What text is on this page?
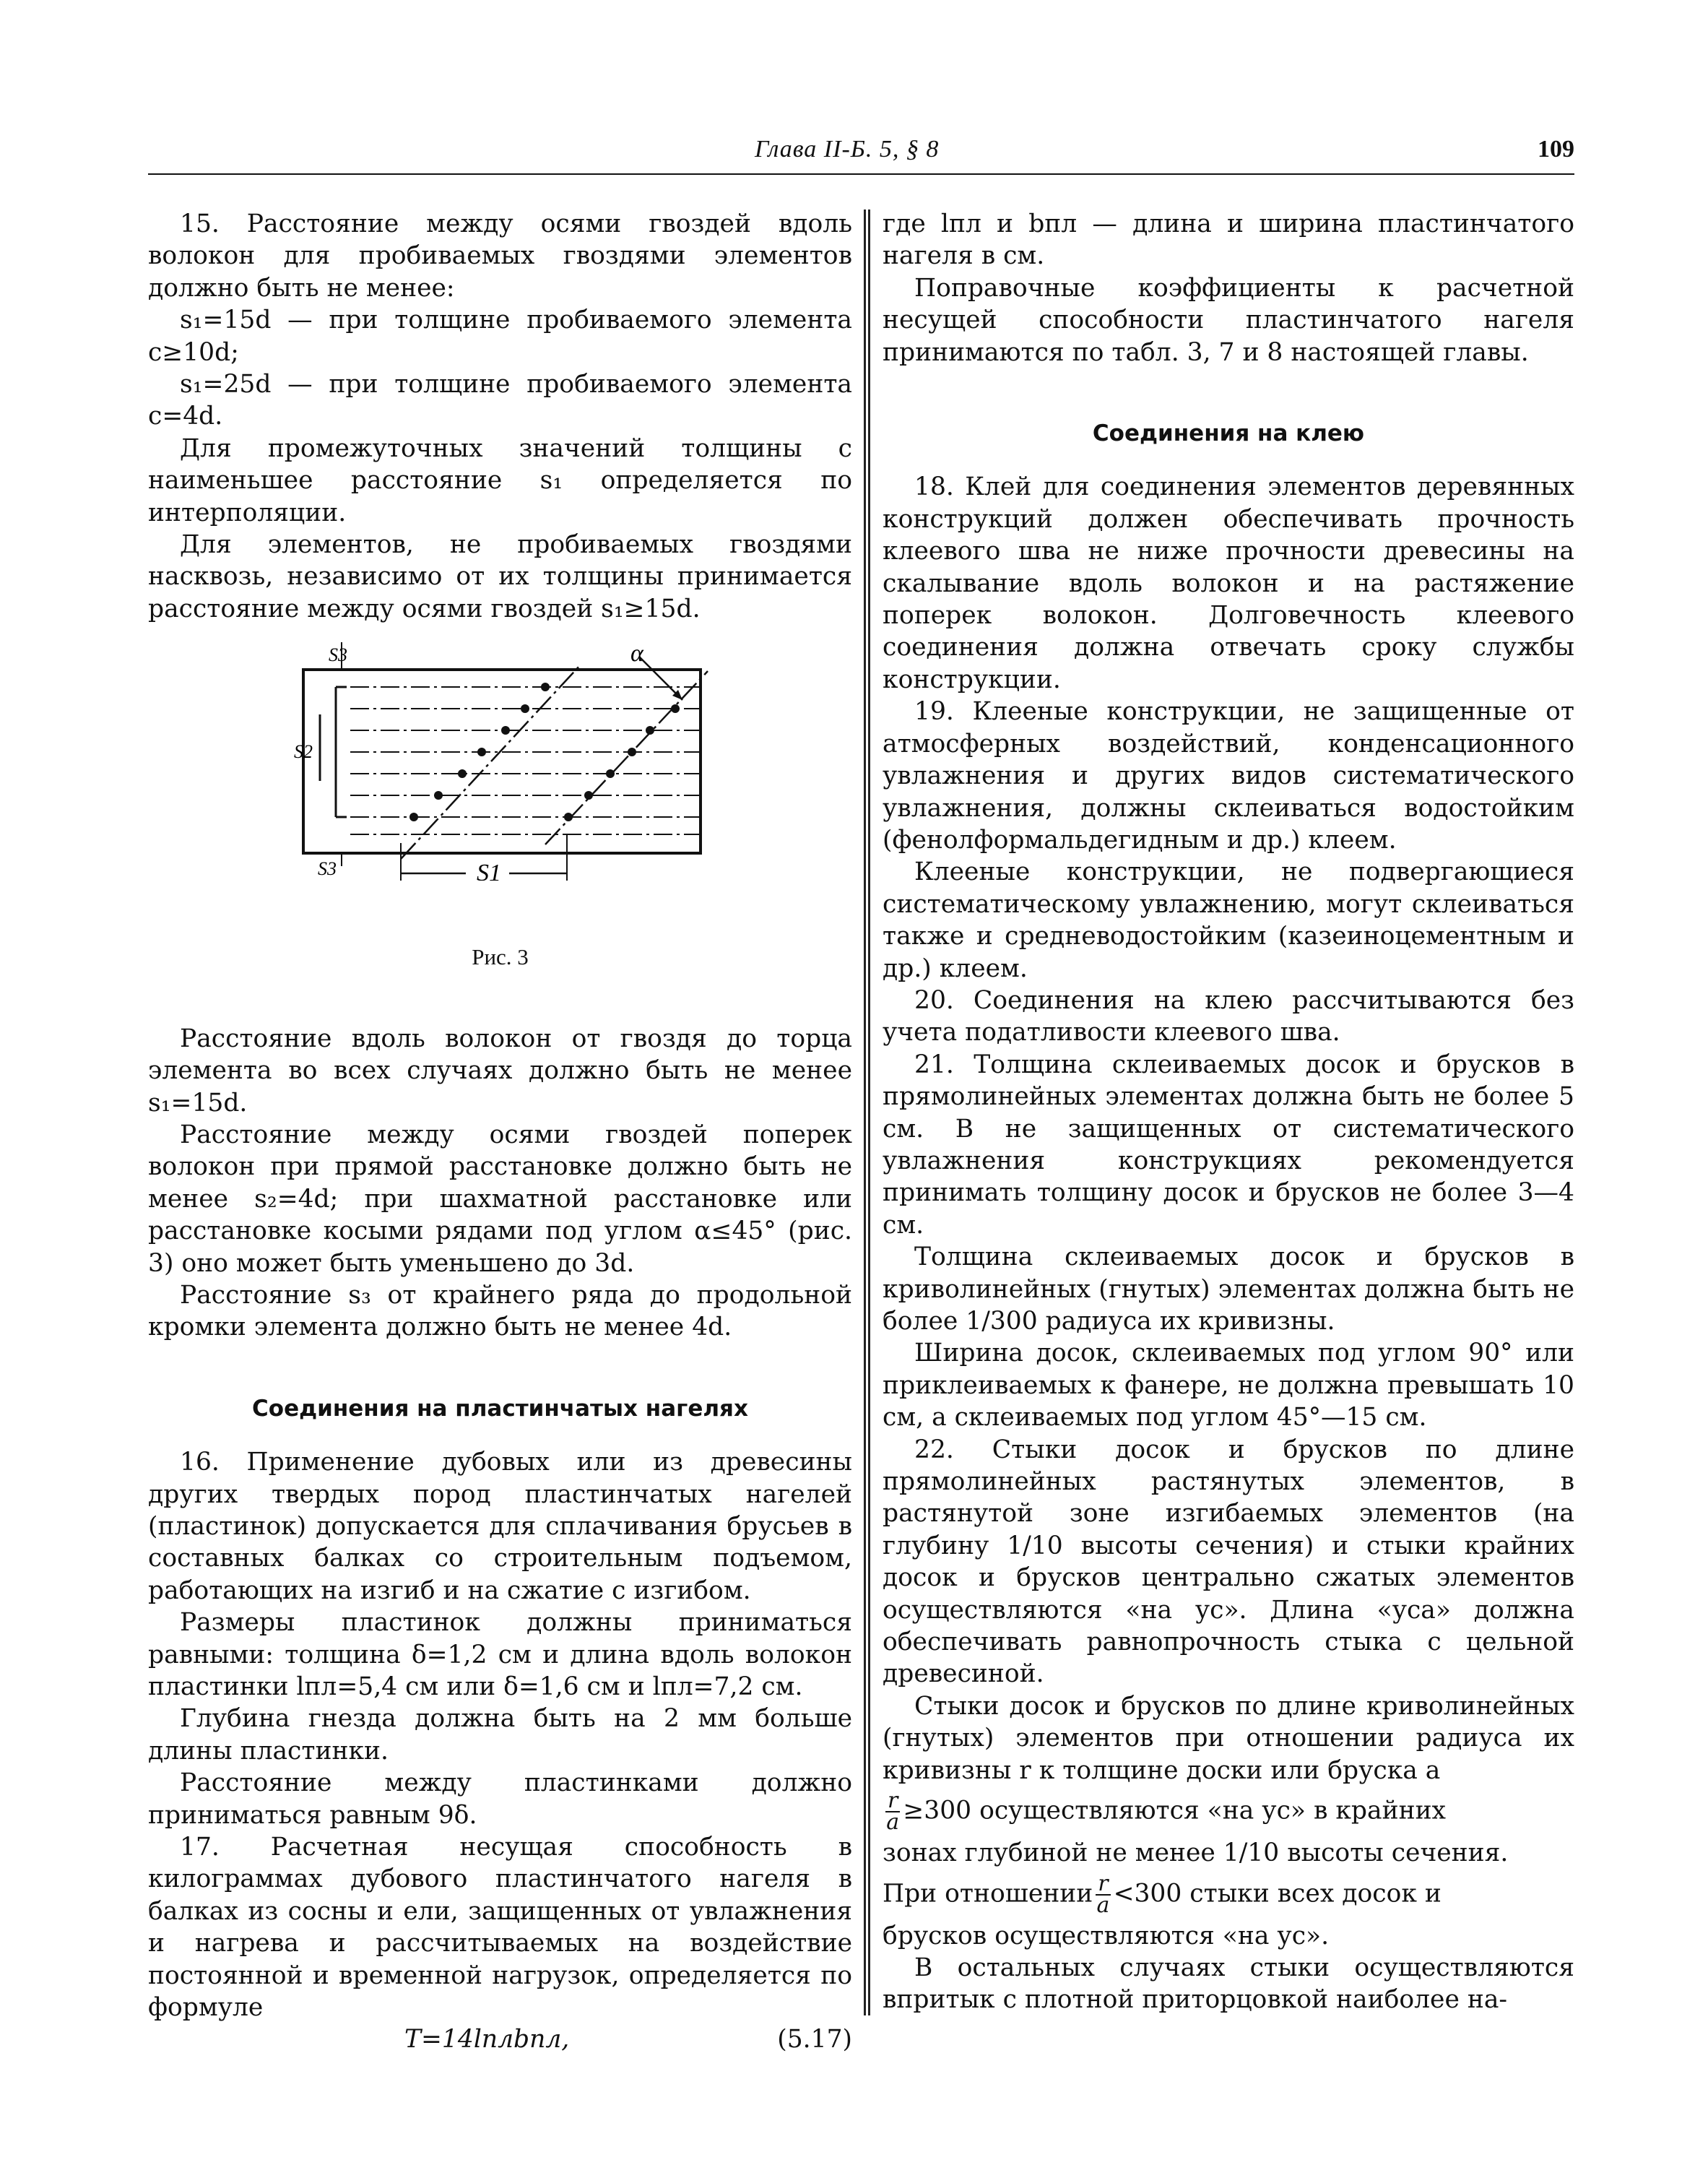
Глава II-Б. 5, § 8	109

15. Расстояние между осями гвоздей вдоль волокон для пробиваемых гвоздями элементов должно быть не менее:

s₁=15d — при толщине пробиваемого элемента c≥10d;

s₁=25d — при толщине пробиваемого элемента c=4d.

Для промежуточных значений толщины c наименьшее расстояние s₁ определяется по интерполяции.

Для элементов, не пробиваемых гвоздями насквозь, независимо от их толщины принимается расстояние между осями гвоздей s₁≥15d.

α
S3
S3
S2
S1
Рис. 3

Расстояние вдоль волокон от гвоздя до торца элемента во всех случаях должно быть не менее s₁=15d.

Расстояние между осями гвоздей поперек волокон при прямой расстановке должно быть не менее s₂=4d; при шахматной расстановке или расстановке косыми рядами под углом α≤45° (рис. 3) оно может быть уменьшено до 3d.

Расстояние s₃ от крайнего ряда до продольной кромки элемента должно быть не менее 4d.

Соединения на пластинчатых нагелях

16. Применение дубовых или из древесины других твердых пород пластинчатых нагелей (пластинок) допускается для сплачивания брусьев в составных балках со строительным подъемом, работающих на изгиб и на сжатие с изгибом.

Размеры пластинок должны приниматься равными: толщина δ=1,2 см и длина вдоль волокон пластинки lпл=5,4 см или δ=1,6 см и lпл=7,2 см.

Глубина гнезда должна быть на 2 мм больше длины пластинки.

Расстояние между пластинками должно приниматься равным 9δ.

17. Расчетная несущая способность в килограммах дубового пластинчатого нагеля в балках из сосны и ели, защищенных от увлажнения и нагрева и рассчитываемых на воздействие постоянной и временной нагрузок, определяется по формуле

T=14lплbпл,	(5.17)

где lпл и bпл — длина и ширина пластинчатого нагеля в см.

Поправочные коэффициенты к расчетной несущей способности пластинчатого нагеля принимаются по табл. 3, 7 и 8 настоящей главы.

Соединения на клею

18. Клей для соединения элементов деревянных конструкций должен обеспечивать прочность клеевого шва не ниже прочности древесины на скалывание вдоль волокон и на растяжение поперек волокон. Долговечность клеевого соединения должна отвечать сроку службы конструкции.

19. Клееные конструкции, не защищенные от атмосферных воздействий, конденсационного увлажнения и других видов систематического увлажнения, должны склеиваться водостойким (фенолформальдегидным и др.) клеем.

Клееные конструкции, не подвергающиеся систематическому увлажнению, могут склеиваться также и средневодостойким (казеиноцементным и др.) клеем.

20. Соединения на клею рассчитываются без учета податливости клеевого шва.

21. Толщина склеиваемых досок и брусков в прямолинейных элементах должна быть не более 5 см. В не защищенных от систематического увлажнения конструкциях рекомендуется принимать толщину досок и брусков не более 3—4 см.

Толщина склеиваемых досок и брусков в криволинейных (гнутых) элементах должна быть не более 1/300 радиуса их кривизны.

Ширина досок, склеиваемых под углом 90° или приклеиваемых к фанере, не должна превышать 10 см, а склеиваемых под углом 45°—15 см.

22. Стыки досок и брусков по длине прямолинейных растянутых элементов, в растянутой зоне изгибаемых элементов (на глубину 1/10 высоты сечения) и стыки крайних досок и брусков центрально сжатых элементов осуществляются «на ус». Длина «уса» должна обеспечивать равнопрочность стыка с цельной древесиной.

Стыки досок и брусков по длине криволинейных (гнутых) элементов при отношении радиуса их кривизны r к толщине доски или бруска a

$\frac{r}{a} \ge 300$ осуществляются «на ус» в крайних

зонах глубиной не менее 1/10 высоты сечения.

При отношении $\frac{r}{a} <300$ стыки всех досок и

брусков осуществляются «на ус».

В остальных случаях стыки осуществляются впритык с плотной приторцовкой наиболее на-
